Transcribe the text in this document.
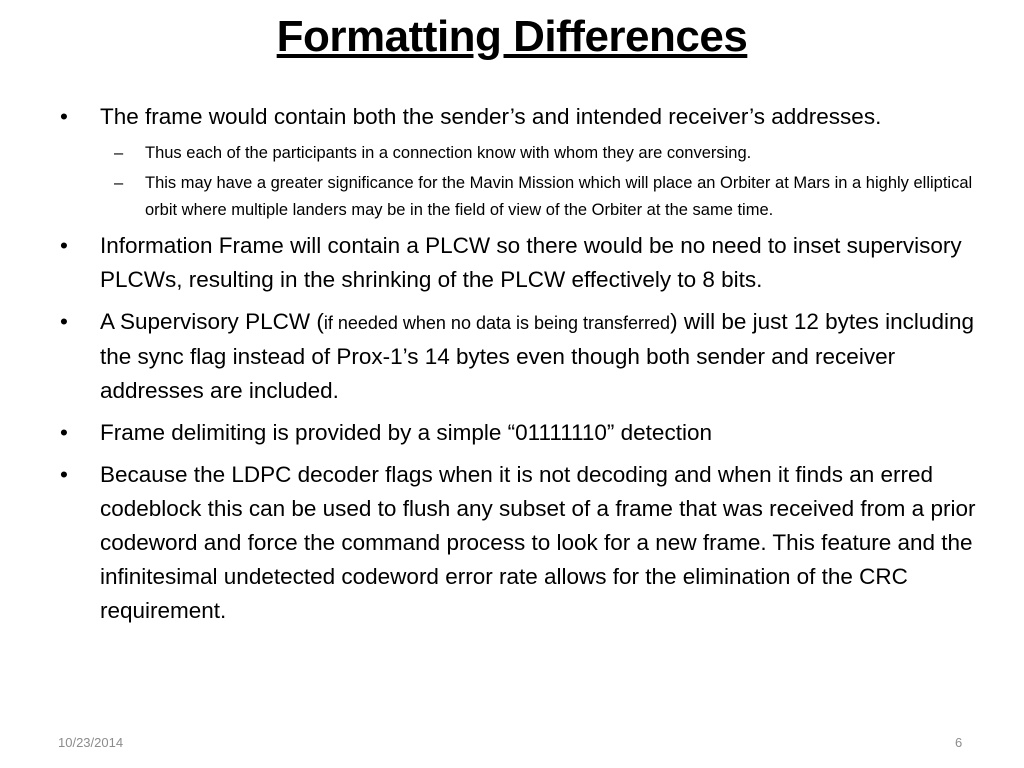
Formatting Differences
• The frame would contain both the sender’s and intended receiver’s addresses.
– Thus each of the participants in a connection know with whom they are conversing.
– This may have a greater significance for the Mavin Mission which will place an Orbiter at Mars in a highly elliptical orbit where multiple landers may be in the field of view of the Orbiter at the same time.
• Information Frame will contain a PLCW so there would be no need to inset supervisory PLCWs, resulting in the shrinking of the PLCW effectively to 8 bits.
• A Supervisory PLCW (if needed when no data is being transferred) will be just 12 bytes including the sync flag instead of Prox-1’s 14 bytes even though both sender and receiver addresses are included.
• Frame delimiting is provided by a simple “01111110” detection
• Because the LDPC decoder flags when it is not decoding and when it finds an erred codeblock this can be used to flush any subset of a frame that was received from a prior codeword and force the command process to look for a new frame. This feature and the infinitesimal undetected codeword error rate allows for the elimination of the CRC requirement.
10/23/2014	6
